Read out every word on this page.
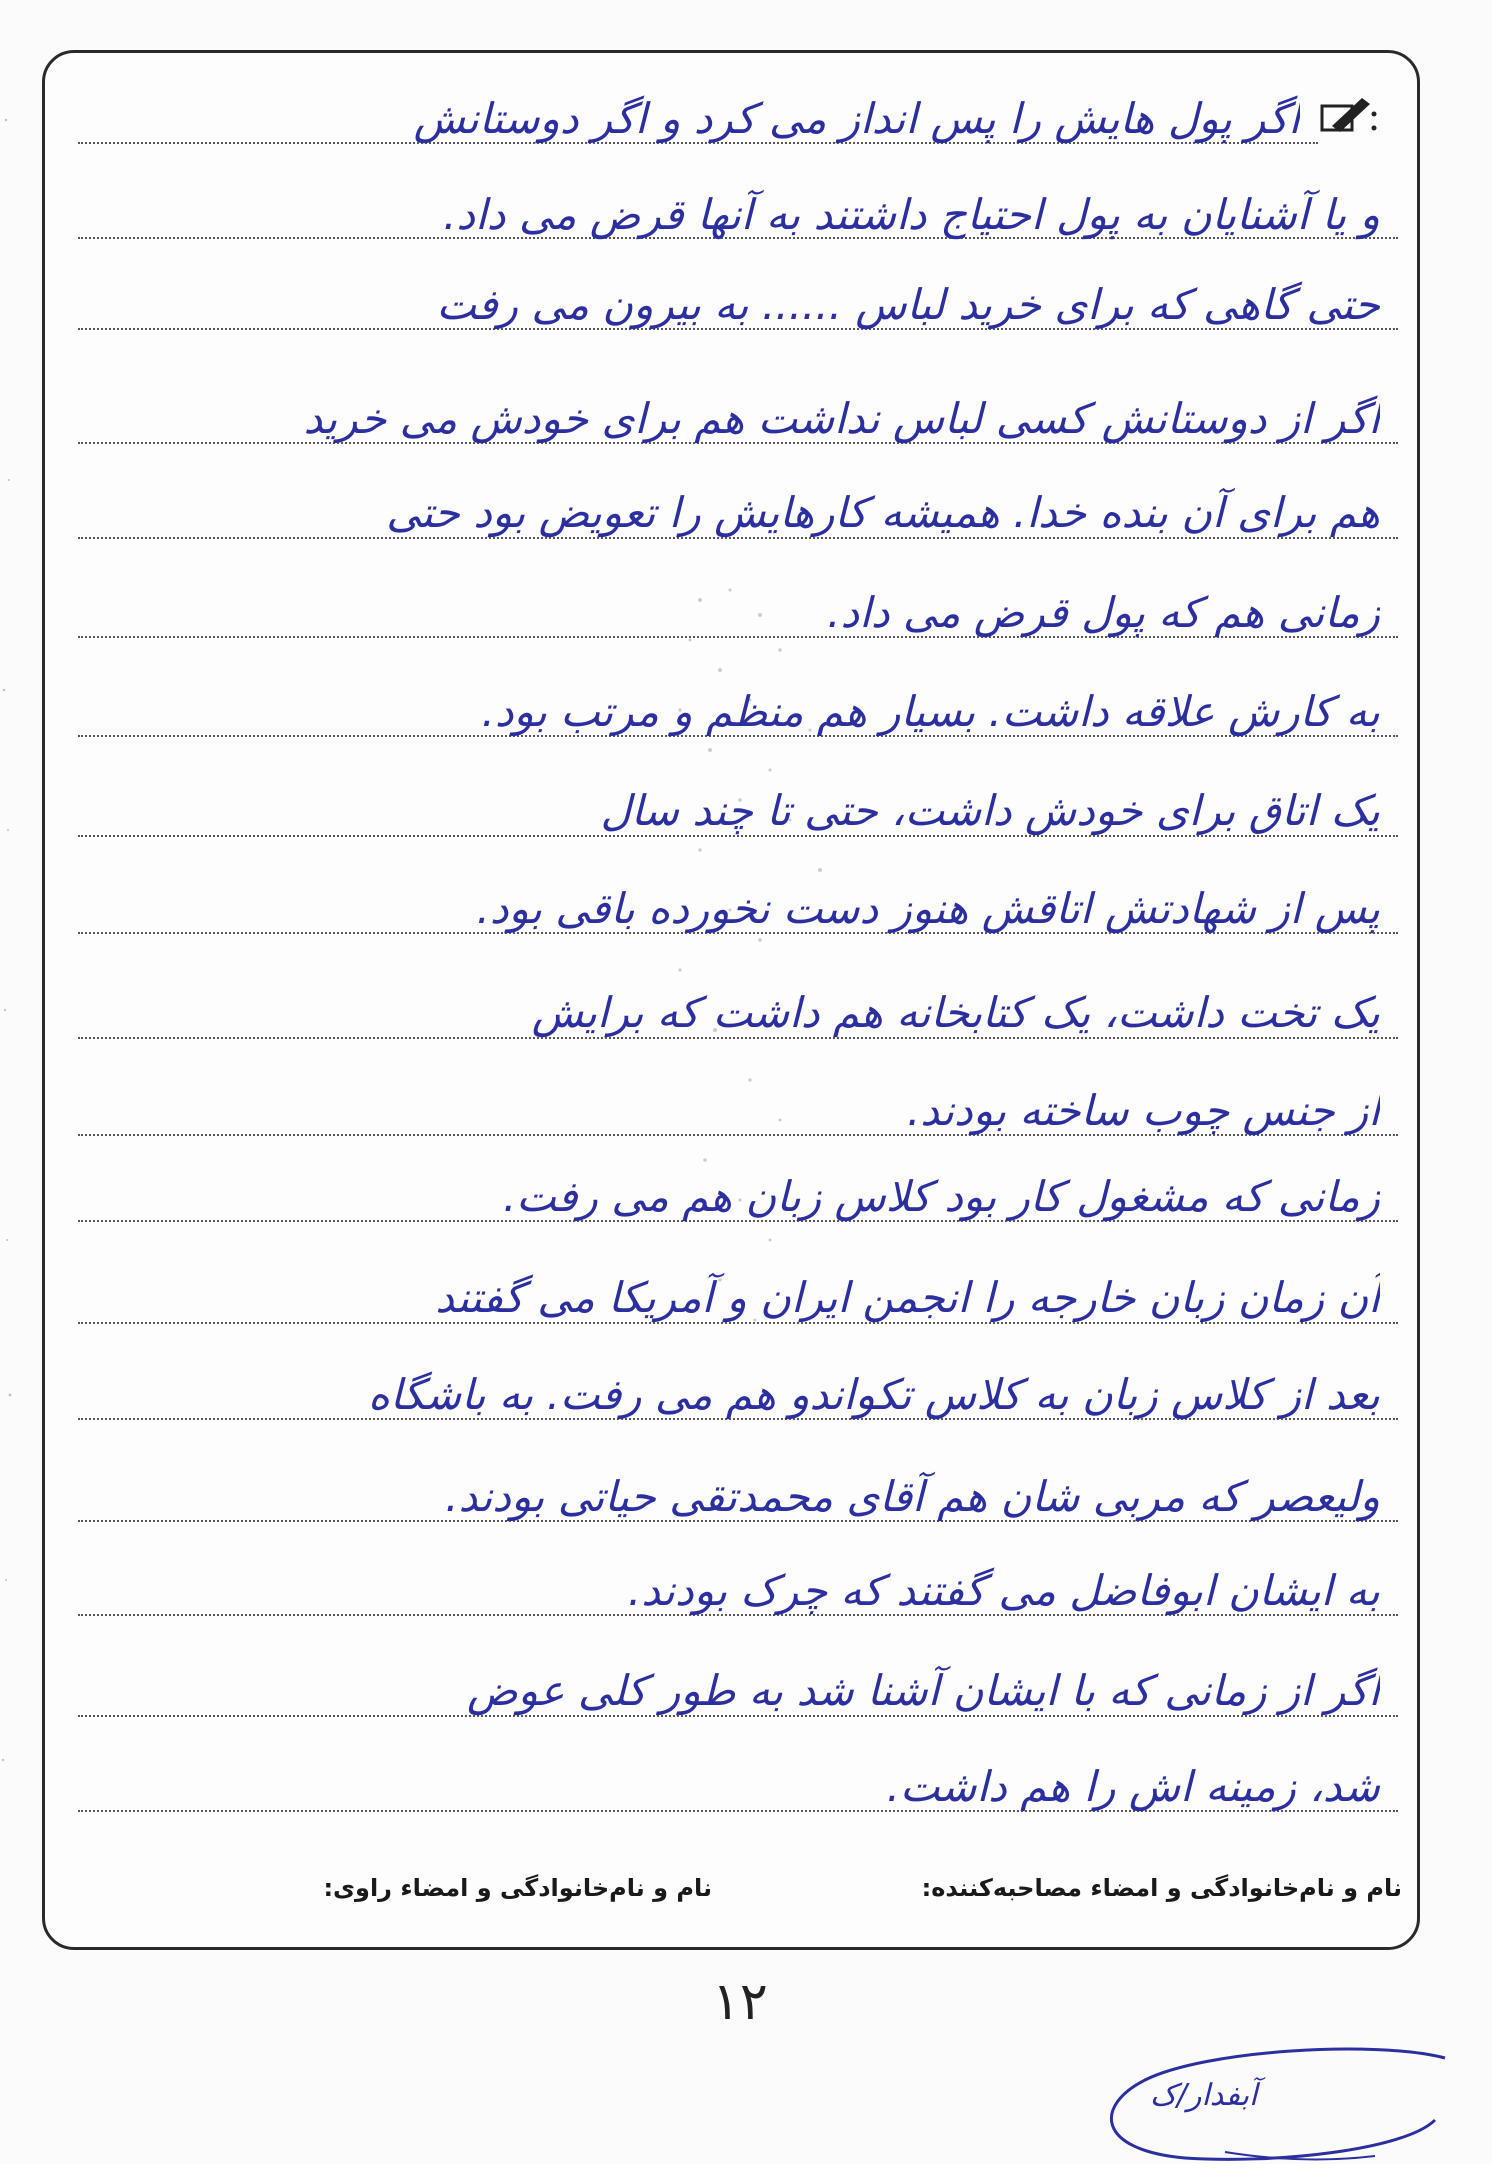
اگر پول هایش را پس انداز می کرد و اگر دوستانش
و یا آشنایان به پول احتیاج داشتند به آنها قرض می داد.
حتی گاهی که برای خرید لباس ...... به بیرون می رفت
اگر از دوستانش کسی لباس نداشت هم برای خودش می خرید
هم برای آن بنده خدا. همیشه کارهایش را تعویض بود حتی
زمانی هم که پول قرض می داد.
به کارش علاقه داشت. بسیار هم منظم و مرتب بود.
یک اتاق برای خودش داشت، حتی تا چند سال
پس از شهادتش اتاقش هنوز دست نخورده باقی بود.
یک تخت داشت، یک کتابخانه هم داشت که برایش
از جنس چوب ساخته بودند.
زمانی که مشغول کار بود کلاس زبان هم می رفت.
آن زمان زبان خارجه را انجمن ایران و آمریکا می گفتند
بعد از کلاس زبان به کلاس تکواندو هم می رفت. به باشگاه
ولیعصر که مربی شان هم آقای محمدتقی حیاتی بودند.
به ایشان ابوفاضل می گفتند که چرک بودند.
اگر از زمانی که با ایشان آشنا شد به طور کلی عوض
شد، زمینه اش را هم داشت.
نام و نام‌خانوادگی و امضاء مصاحبه‌کننده:
نام و نام‌خانوادگی و امضاء راوی:
۱۲
آبفدار/ک
